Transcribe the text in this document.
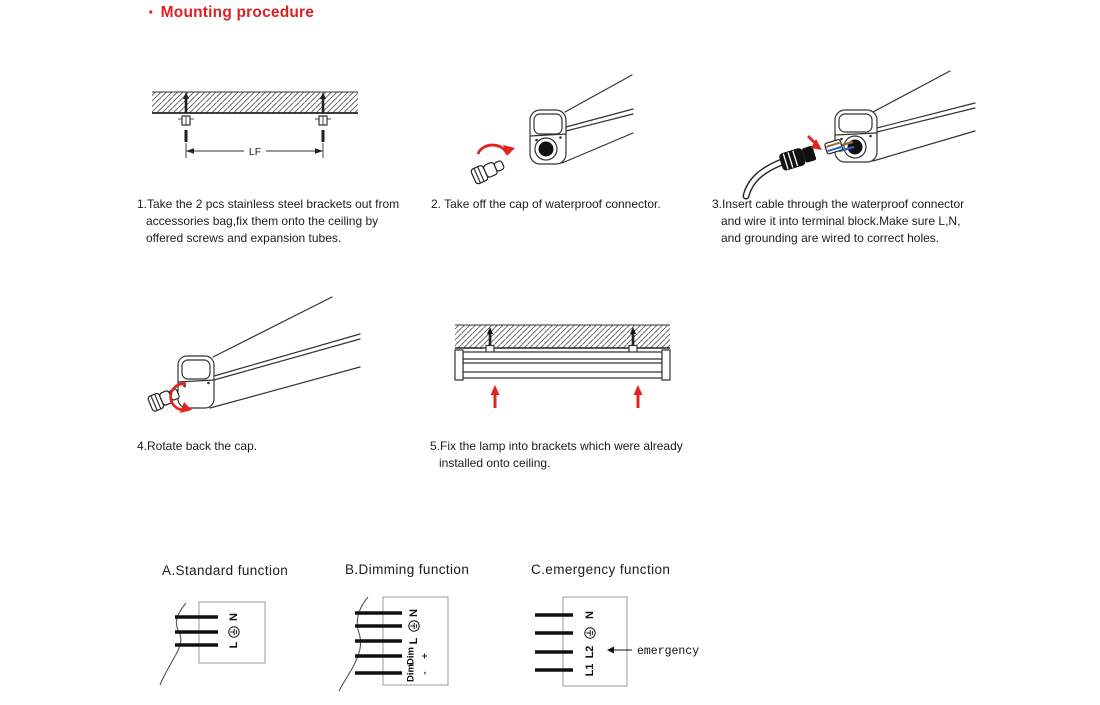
· Mounting procedure
LF
1.Take the 2 pcs stainless steel brackets out from
accessories bag,fix them onto the ceiling by
offered screws and expansion tubes.
2. Take off the cap of waterproof connector.	3.Insert cable through the waterproof connector
and wire it into terminal block.Make sure L,N,
and grounding are wired to correct holes.
4.Rotate back the cap.	5.Fix the lamp into brackets which were already
installed onto ceiling.
A.Standard function	B.Dimming function	C.emergency function
N
L
N
L
Dim +
Dim -
N
L2
L1
emergency
